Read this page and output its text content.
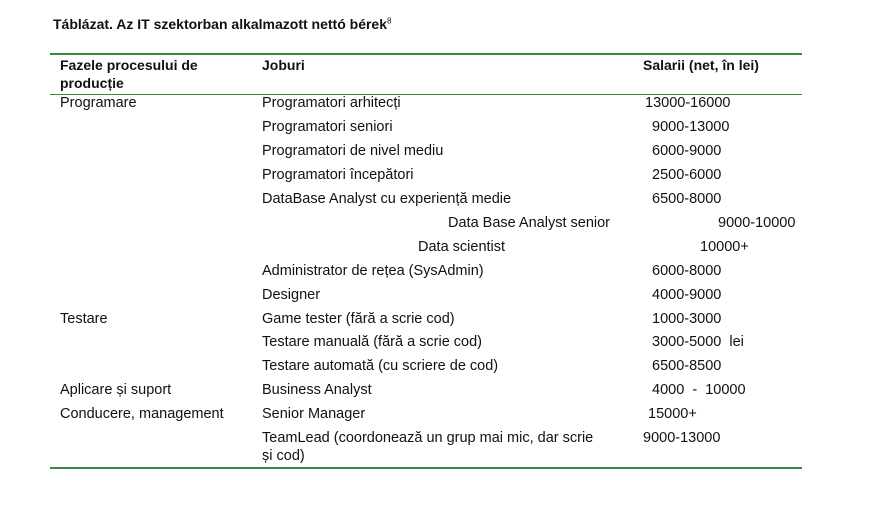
Táblázat. Az IT szektorban alkalmazott nettó bérek$^8$
Fazele procesului de producție
Joburi	Salarii (net, în lei)
Programare
Testare
Aplicare și suport
Conducere, management
Programatori arhitecți
Programatori seniori
Programatori de nivel mediu
Programatori începători
DataBase Analyst cu experiență medie
Data Base Analyst senior
Data scientist
Administrator de rețea (SysAdmin)
Designer
Game tester (fără a scrie cod)
Testare manuală (fără a scrie cod)
Testare automată (cu scriere de cod)
Business Analyst
Senior Manager
TeamLead (coordonează un grup mai mic, dar scrie și cod)
13000-16000
9000-13000
6000-9000
2500-6000
6500-8000
9000-10000
10000+
6000-8000
4000-9000
1000-3000
3000-5000  lei
6500-8500
4000  -  10000
15000+
9000-13000
